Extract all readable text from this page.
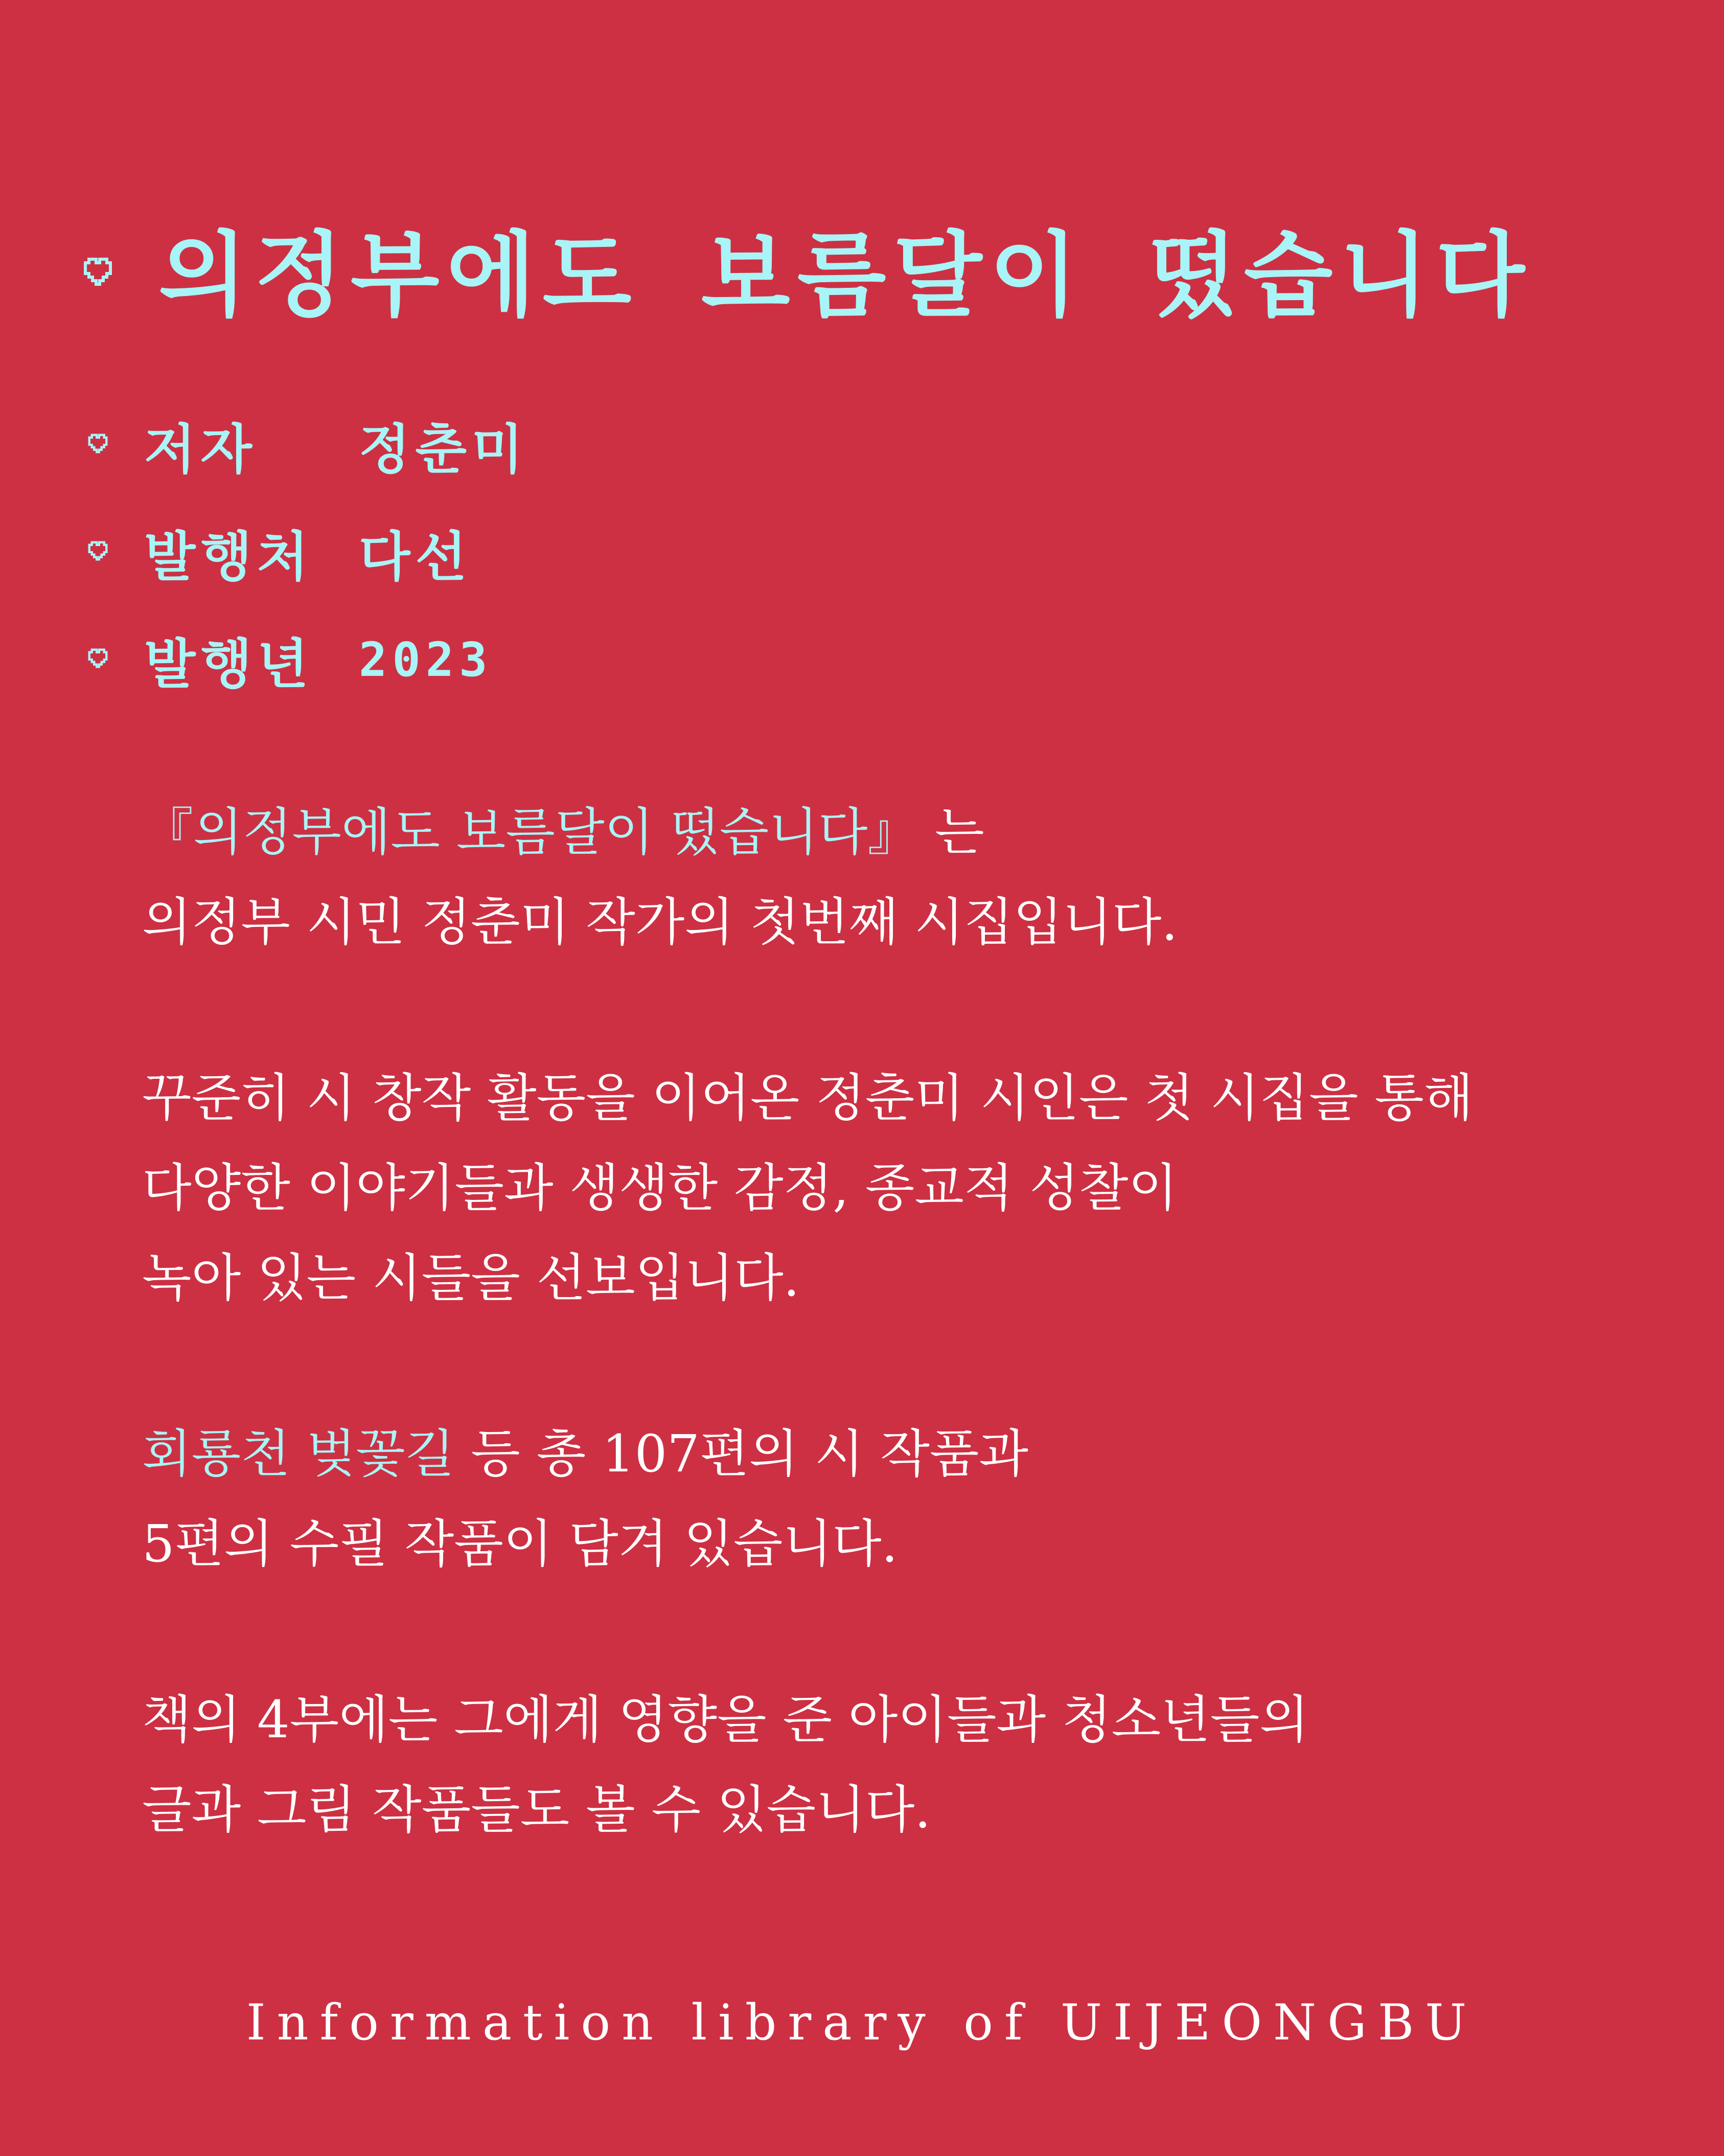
의정부에도 보름달이 떴습니다
저자	정춘미
발행처 다선
발행년 2023

『의정부에도 보름달이 떴습니다』 는

의정부 시민 정춘미 작가의 첫번째 시집입니다.

꾸준히 시 창작 활동을 이어온 정춘미 시인은 첫 시집을 통해

다양한 이야기들과 생생한 감정, 종교적 성찰이

녹아 있는 시들을 선보입니다.

회룡천 벚꽃길 등 총 107편의 시 작품과

5편의 수필 작품이 담겨 있습니다.

책의 4부에는 그에게 영향을 준 아이들과 청소년들의

글과 그림 작품들도 볼 수 있습니다.

Information library of UIJEONGBU
